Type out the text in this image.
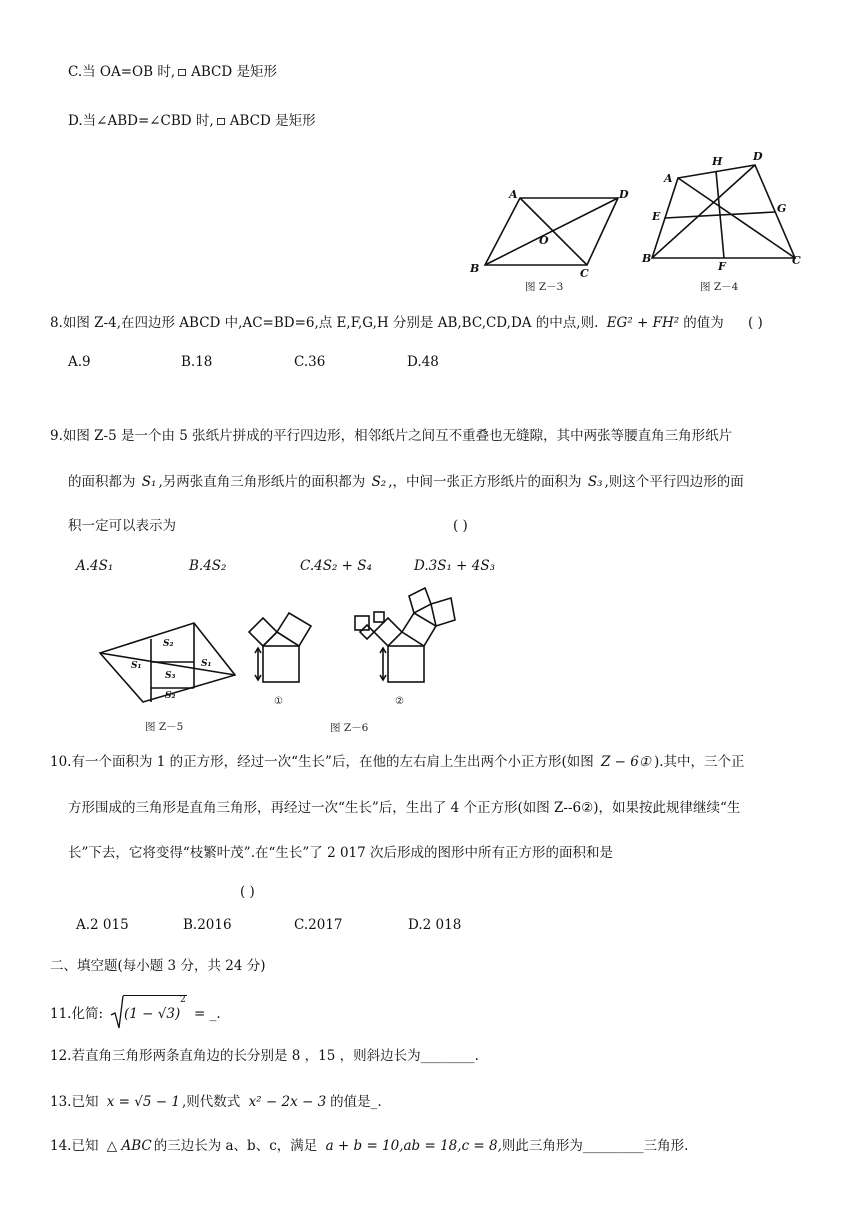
C.当 OA=OB 时, ABCD 是矩形
D.当∠ABD=∠CBD 时, ABCD 是矩形
A	D
O
B	C
图 Z－3
H	D
A
G
E
B
F	C
图 Z－4
8.如图 Z-4,在四边形 ABCD 中,AC=BD=6,点 E,F,G,H 分别是 AB,BC,CD,DA 的中点,则. EG² + FH² 的值为 ( )
A.9	B.18	C.36	D.48
9.如图 Z-5 是一个由 5 张纸片拼成的平行四边形，相邻纸片之间互不重叠也无缝隙，其中两张等腰直角三角形纸片
的面积都为 S₁ ,另两张直角三角形纸片的面积都为 S₂ ,，中间一张正方形纸片的面积为 S₃ ,则这个平行四边形的面
积一定可以表示为	( )
A.4S₁	B.4S₂	C.4S₂ + S₄	D.3S₁ + 4S₃
S₂
S₁
S₃
S₁
S₂
图 Z－5
①	②
图 Z－6
10.有一个面积为 1 的正方形，经过一次“生长”后，在他的左右肩上生出两个小正方形(如图 Z − 6① ).其中，三个正
方形围成的三角形是直角三角形，再经过一次“生长”后，生出了 4 个正方形(如图 Z--6②)，如果按此规律继续“生
长”下去，它将变得“枝繁叶茂”.在“生长”了 2 017 次后形成的图形中所有正方形的面积和是
( )
A.2 015	B.2016	C.2017	D.2 018
二、填空题(每小题 3 分，共 24 分)
11.化简: (1 − √3)
2
= _.
12.若直角三角形两条直角边的长分别是 8 ，15 ，则斜边长为________.
13.已知 x = √5 − 1 ,则代数式 x² − 2x − 3 的值是_.
14.已知 △ ABC 的三边长为 a、b、c，满足 a + b = 10,ab = 18,c = 8,则此三角形为_________三角形.
